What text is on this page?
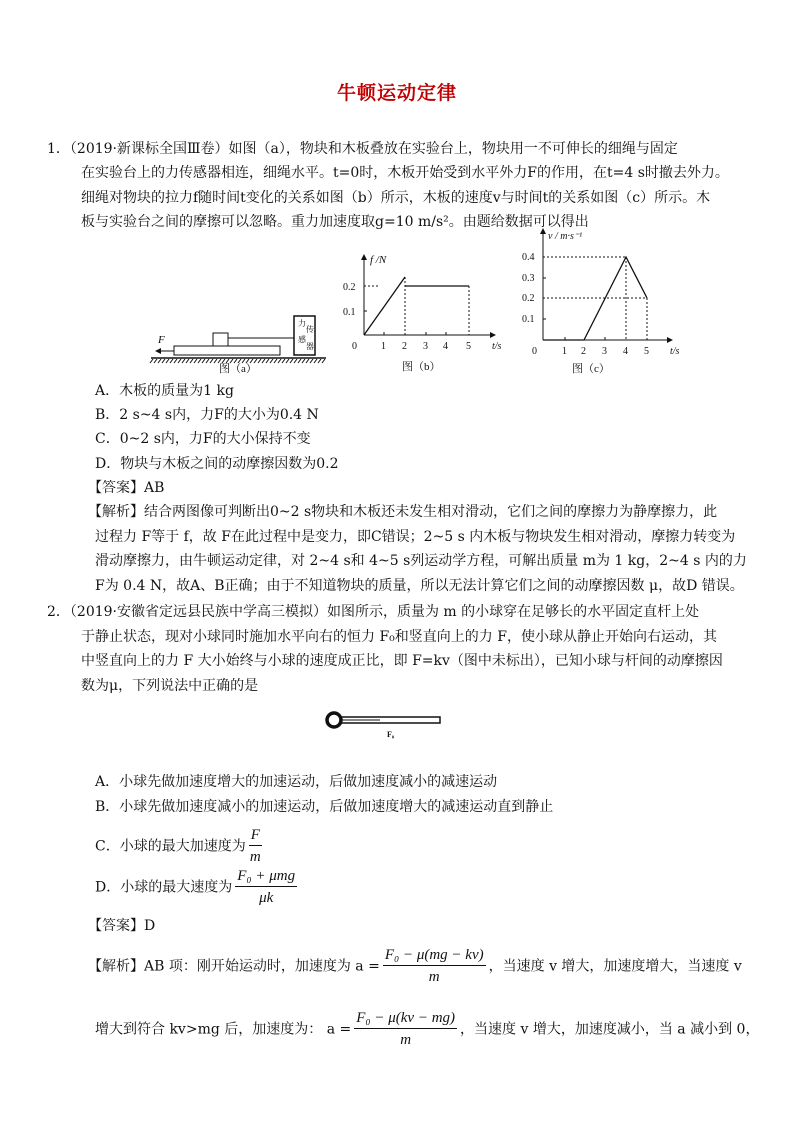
牛顿运动定律
1．（2019·新课标全国Ⅲ卷）如图（a），物块和木板叠放在实验台上，物块用一不可伸长的细绳与固定
在实验台上的力传感器相连，细绳水平。t=0时，木板开始受到水平外力F的作用，在t=4 s时撤去外力。
细绳对物块的拉力f随时间t变化的关系如图（b）所示，木板的速度v与时间t的关系如图（c）所示。木
板与实验台之间的摩擦可以忽略。重力加速度取g=10 m/s²。由题给数据可以得出
F
力
传
感
器
图（a）
f /N
0.2
0.1
0 1 2 3 4 5 t/s
图（b）
v / m·s⁻¹
0.4
0.3
0.2
0.1
0	1 2 3 4 5 t/s
图（c）
A．木板的质量为1 kg
B．2 s~4 s内，力F的大小为0.4 N
C．0~2 s内，力F的大小保持不变
D．物块与木板之间的动摩擦因数为0.2
【答案】AB
【解析】结合两图像可判断出0~2 s物块和木板还未发生相对滑动，它们之间的摩擦力为静摩擦力，此
过程力 F等于 f，故 F在此过程中是变力，即C错误；2~5 s 内木板与物块发生相对滑动，摩擦力转变为
滑动摩擦力，由牛顿运动定律，对 2~4 s和 4~5 s列运动学方程，可解出质量 m为 1 kg，2~4 s 内的力
F为 0.4 N，故A、B正确；由于不知道物块的质量，所以无法计算它们之间的动摩擦因数 μ，故D 错误。
2．（2019·安徽省定远县民族中学高三模拟）如图所示，质量为 m 的小球穿在足够长的水平固定直杆上处
于静止状态，现对小球同时施加水平向右的恒力 F₀和竖直向上的力 F，使小球从静止开始向右运动，其
中竖直向上的力 F 大小始终与小球的速度成正比，即 F=kv（图中未标出），已知小球与杆间的动摩擦因
数为μ，下列说法中正确的是
F₀
A．小球先做加速度增大的加速运动，后做加速度减小的减速运动
B．小球先做加速度减小的加速运动，后做加速度增大的减速运动直到静止
C．小球的最大加速度为 $\frac{F}{m}$
D．小球的最大速度为 $\frac{\text{F₀ + μmg}}{\mu k}$
【答案】D
【解析】AB 项：刚开始运动时，加速度为 $a = \frac{\text{F₀ − μ(mg − kv)}}{m}$ ，当速度 v 增大，加速度增大，当速度 v
增大到符合 kv>mg 后，加速度为： $a = \frac{\text{F₀ − μ(kv − mg)}}{m}$ ，当速度 v 增大，加速度减小，当 a 减小到 0，
